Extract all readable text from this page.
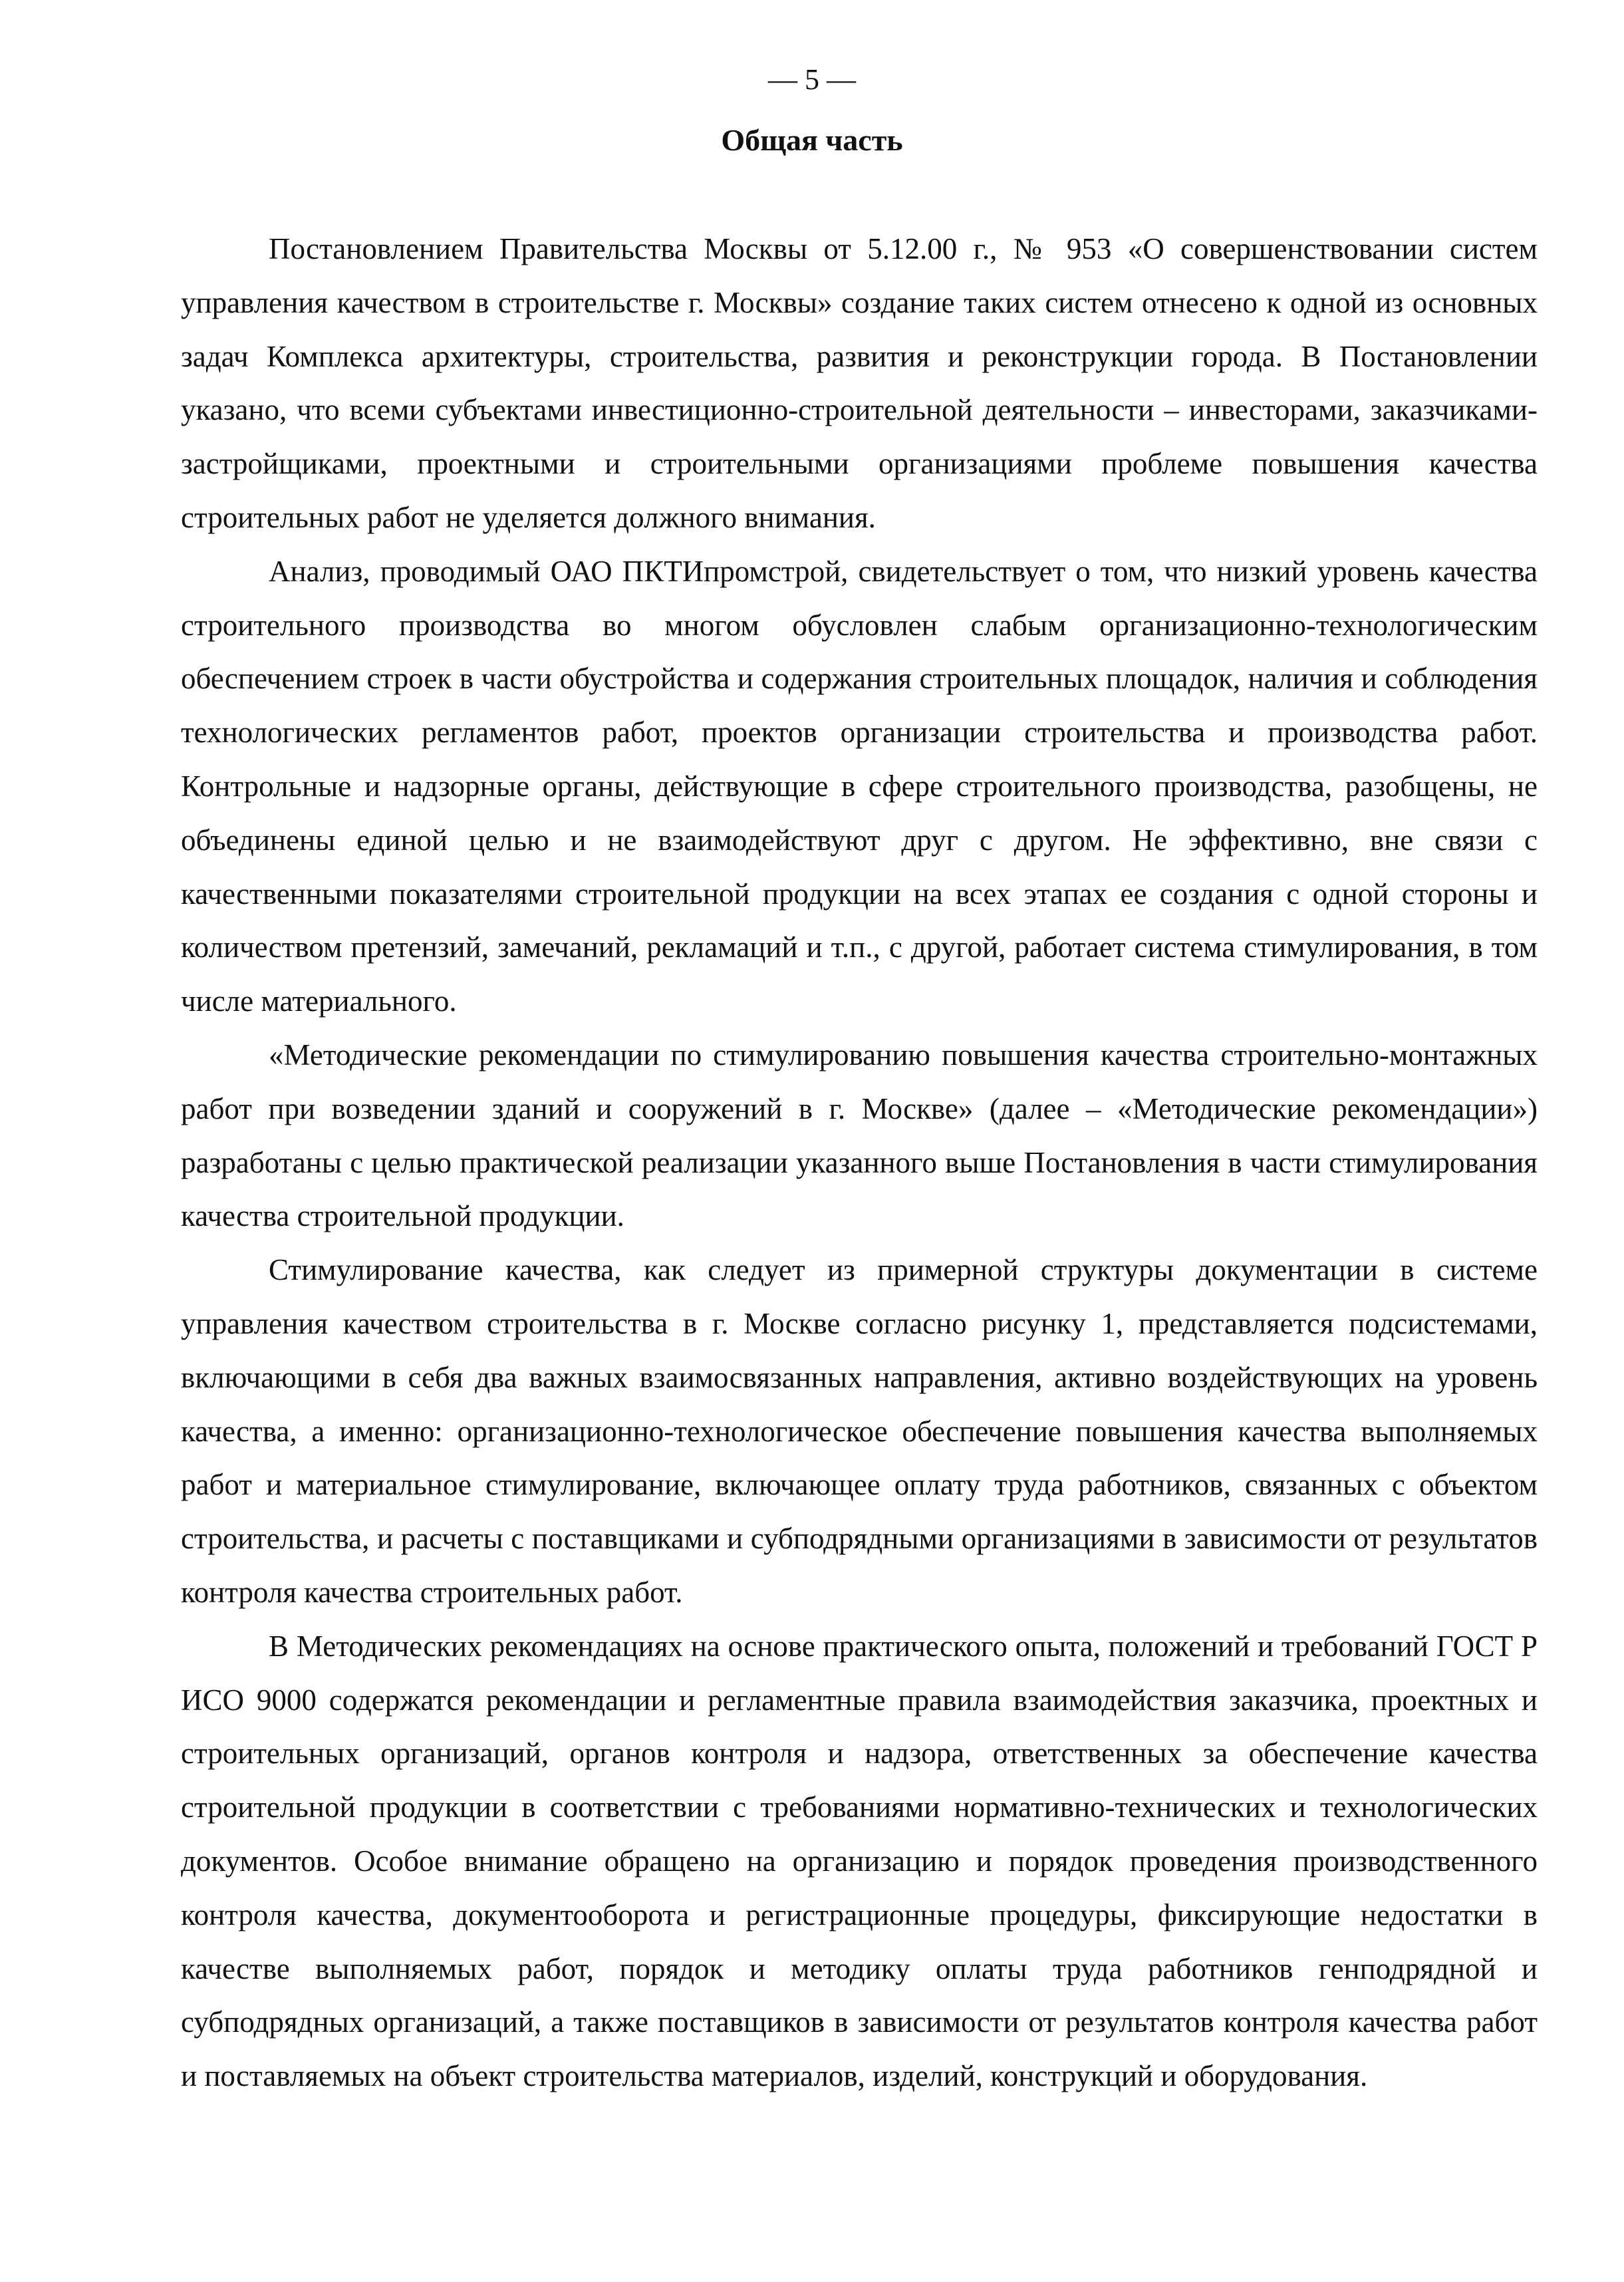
— 5 —

Общая часть

Постановлением Правительства Москвы от 5.12.00 г., № 953 «О совершенствовании систем управления качеством в строительстве г. Москвы» создание таких систем отнесено к одной из основных задач Комплекса архитектуры, строительства, развития и реконструкции города. В Постановлении указано, что всеми субъектами инвестиционно-строительной деятельности – инвесторами, заказчиками-застройщиками, проектными и строительными организациями проблеме повышения качества строительных работ не уделяется должного внимания.

Анализ, проводимый ОАО ПКТИпромстрой, свидетельствует о том, что низкий уровень качества строительного производства во многом обусловлен слабым организационно-технологическим обеспечением строек в части обустройства и содержания строительных площадок, наличия и соблюдения технологических регламентов работ, проектов организации строительства и производства работ. Контрольные и надзорные органы, действующие в сфере строительного производства, разобщены, не объединены единой целью и не взаимодействуют друг с другом. Не эффективно, вне связи с качественными показателями строительной продукции на всех этапах ее создания с одной стороны и количеством претензий, замечаний, рекламаций и т.п., с другой, работает система стимулирования, в том числе материального.

«Методические рекомендации по стимулированию повышения качества строительно-монтажных работ при возведении зданий и сооружений в г. Москве» (далее – «Методические рекомендации») разработаны с целью практической реализации указанного выше Постановления в части стимулирования качества строительной продукции.

Стимулирование качества, как следует из примерной структуры документации в системе управления качеством строительства в г. Москве согласно рисунку 1, представляется подсистемами, включающими в себя два важных взаимосвязанных направления, активно воздействующих на уровень качества, а именно: организационно-технологическое обеспечение повышения качества выполняемых работ и материальное стимулирование, включающее оплату труда работников, связанных с объектом строительства, и расчеты с поставщиками и субподрядными организациями в зависимости от результатов контроля качества строительных работ.

В Методических рекомендациях на основе практического опыта, положений и требований ГОСТ Р ИСО 9000 содержатся рекомендации и регламентные правила взаимодействия заказчика, проектных и строительных организаций, органов контроля и надзора, ответственных за обеспечение качества строительной продукции в соответствии с требованиями нормативно-технических и технологических документов. Особое внимание обращено на организацию и порядок проведения производственного контроля качества, документооборота и регистрационные процедуры, фиксирующие недостатки в качестве выполняемых работ, порядок и методику оплаты труда работников генподрядной и субподрядных организаций, а также поставщиков в зависимости от результатов контроля качества работ и поставляемых на объект строительства материалов, изделий, конструкций и оборудования.
